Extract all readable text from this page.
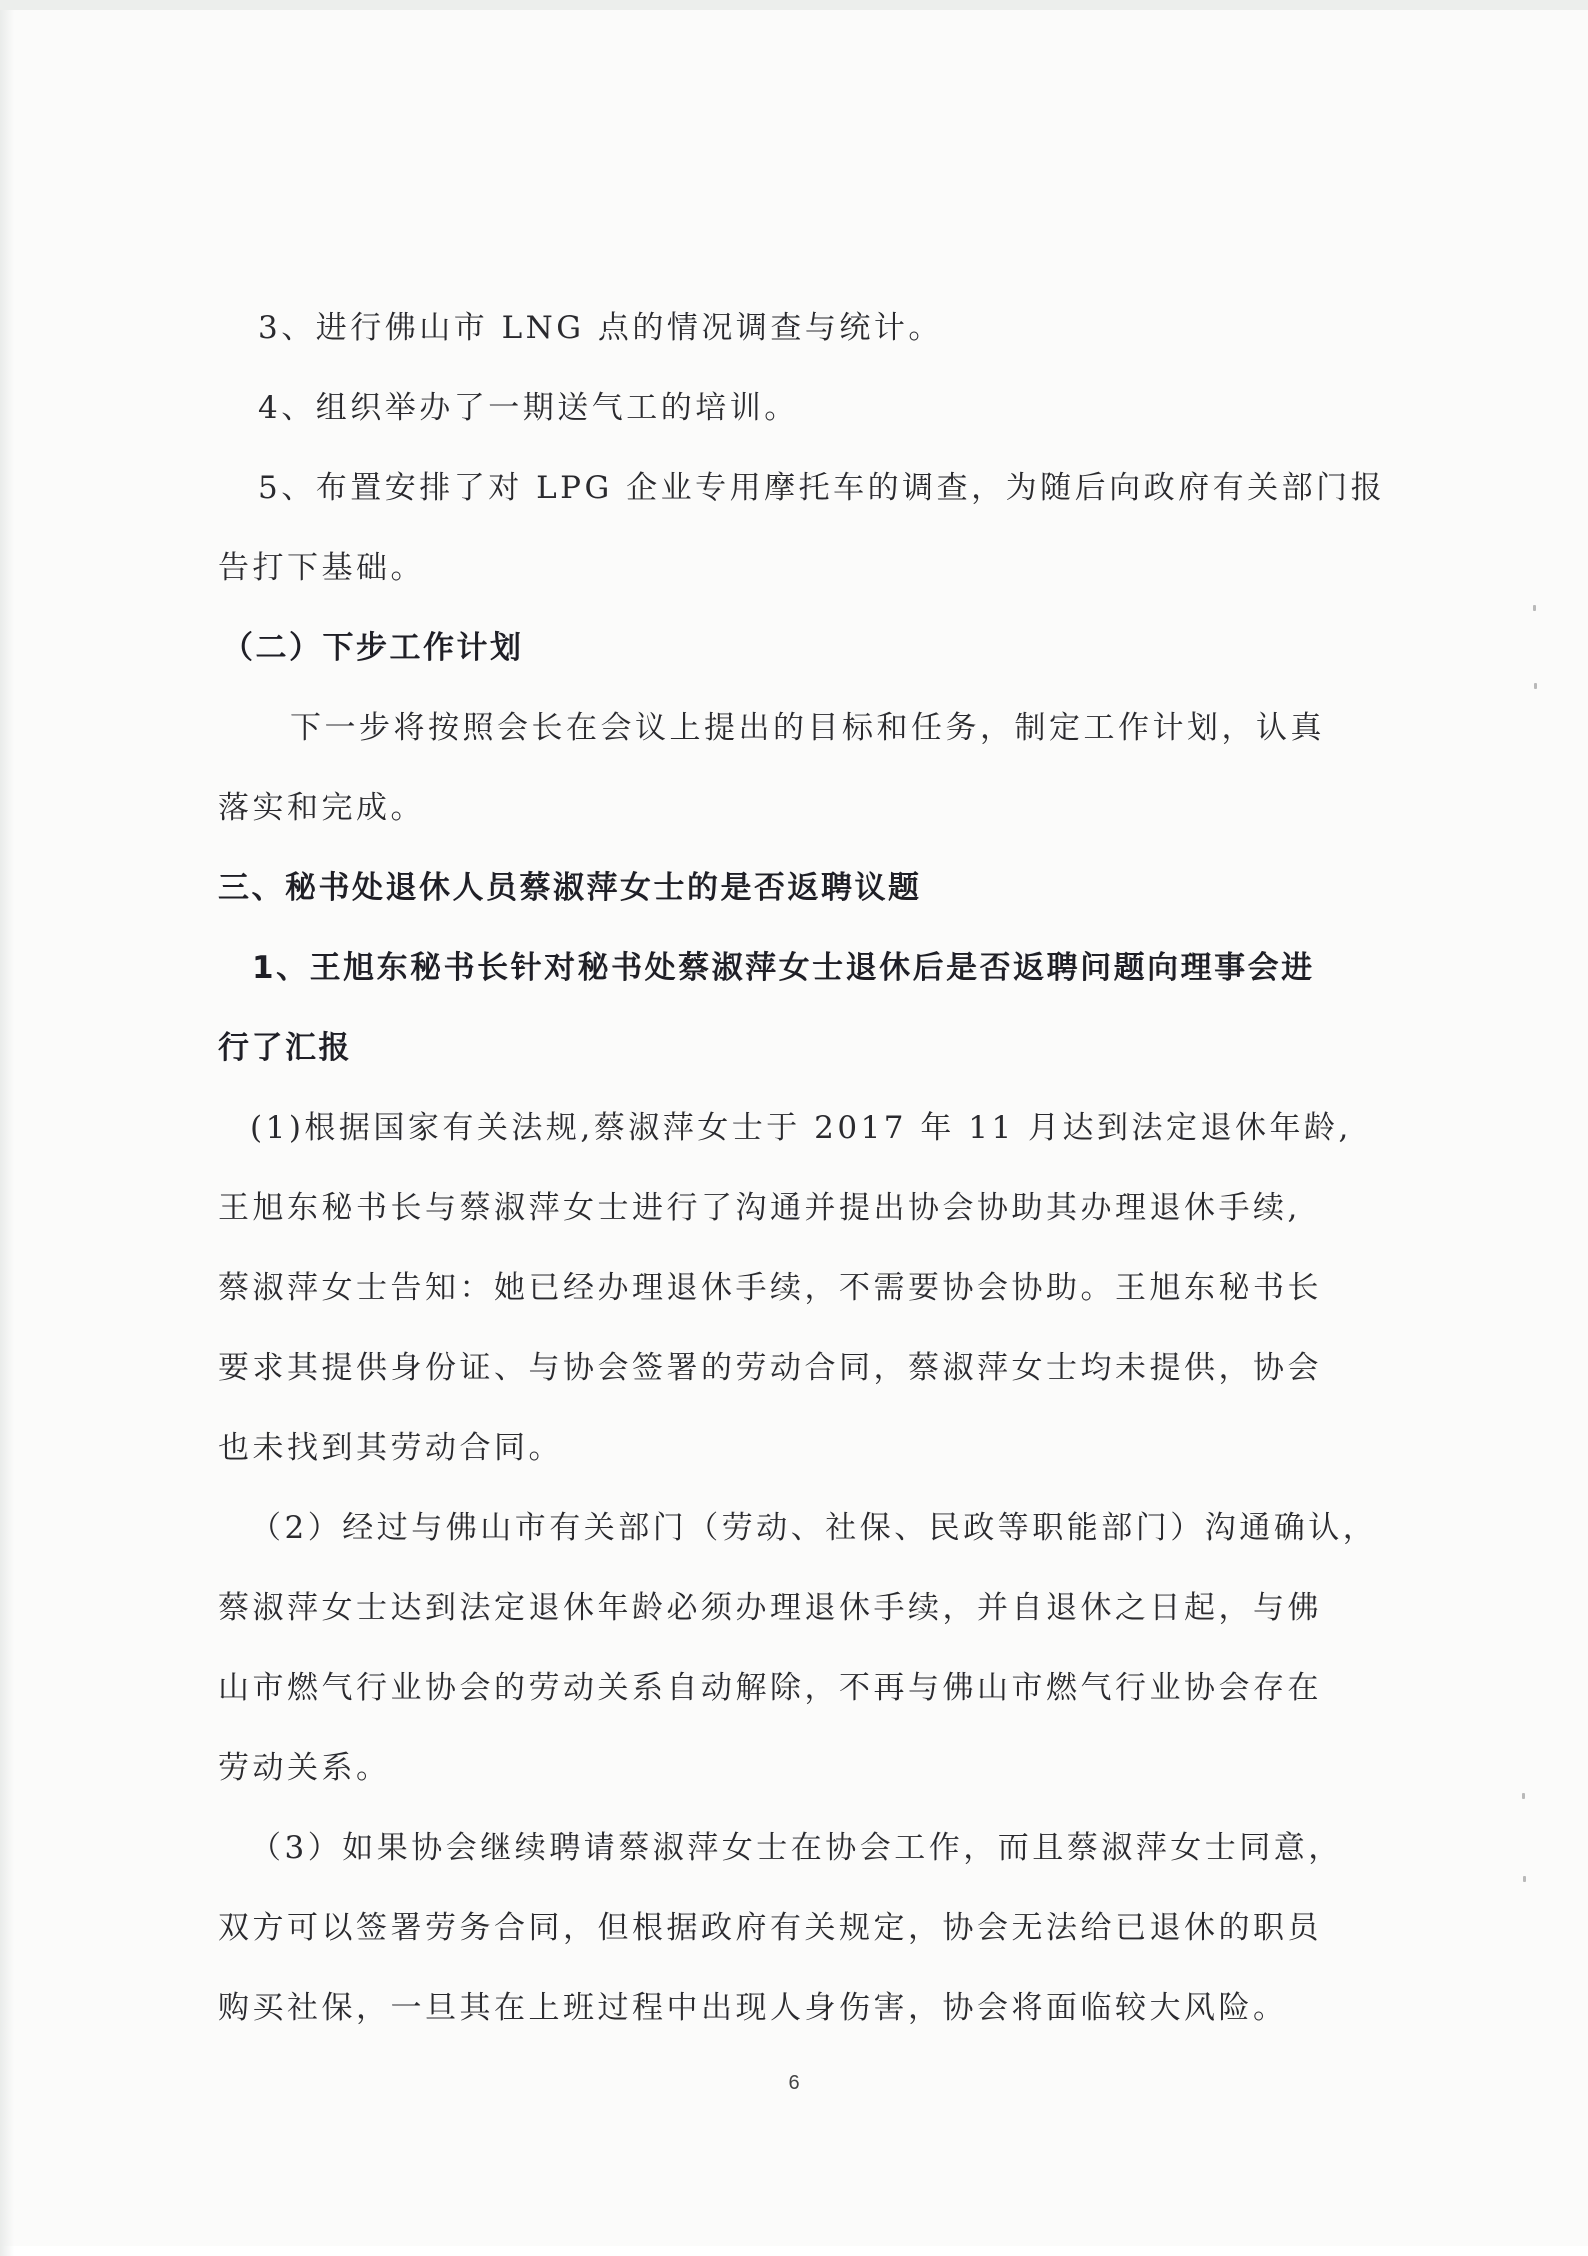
3、进行佛山市 LNG 点的情况调查与统计。
4、组织举办了一期送气工的培训。
5、布置安排了对 LPG 企业专用摩托车的调查，为随后向政府有关部门报
告打下基础。
（二）下步工作计划
下一步将按照会长在会议上提出的目标和任务，制定工作计划，认真
落实和完成。
三、秘书处退休人员蔡淑萍女士的是否返聘议题
1、王旭东秘书长针对秘书处蔡淑萍女士退休后是否返聘问题向理事会进
行了汇报
(1)根据国家有关法规,蔡淑萍女士于 2017 年 11 月达到法定退休年龄,
王旭东秘书长与蔡淑萍女士进行了沟通并提出协会协助其办理退休手续,
蔡淑萍女士告知：她已经办理退休手续，不需要协会协助。王旭东秘书长
要求其提供身份证、与协会签署的劳动合同，蔡淑萍女士均未提供，协会
也未找到其劳动合同。
（2）经过与佛山市有关部门（劳动、社保、民政等职能部门）沟通确认，
蔡淑萍女士达到法定退休年龄必须办理退休手续，并自退休之日起，与佛
山市燃气行业协会的劳动关系自动解除，不再与佛山市燃气行业协会存在
劳动关系。
（3）如果协会继续聘请蔡淑萍女士在协会工作，而且蔡淑萍女士同意，
双方可以签署劳务合同，但根据政府有关规定，协会无法给已退休的职员
购买社保，一旦其在上班过程中出现人身伤害，协会将面临较大风险。
6
